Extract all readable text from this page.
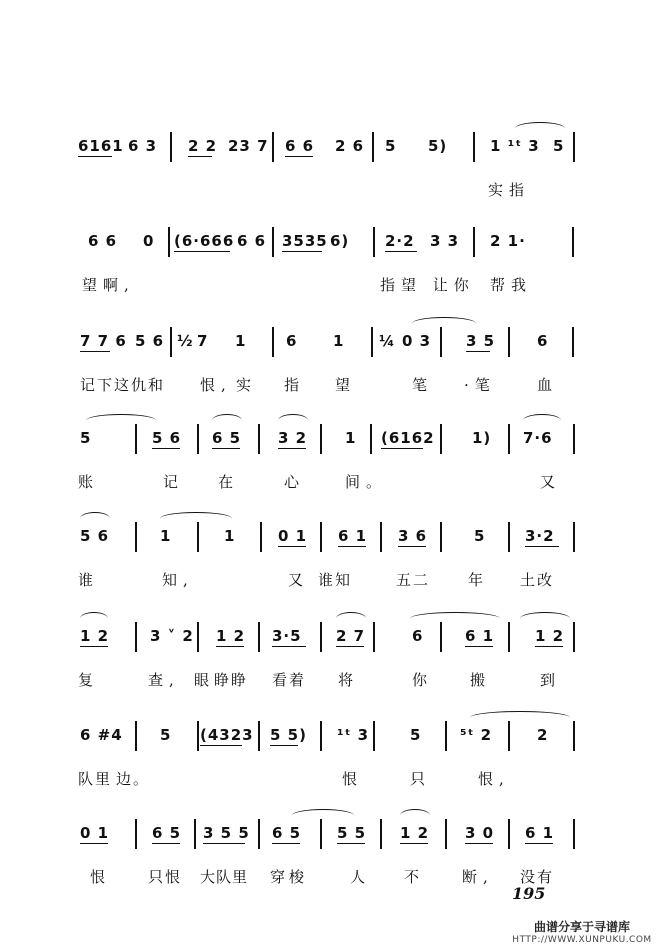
6161 6 3 2 2 23 7 6 6 2 6 5 5)	1 ¹ᵗ 3 5
实指
6 6 0 (6·666 6 6 3535 6) 2·2 3 3 2 1·
望啊,	指望 让你 帮我
7 7 6 5 6 ½ 7 1	6 1 ¼ 0 3 3 5	6
记下这仇和 恨, 实 指 望	笔 ·笔	血
5	5 6 6 5 3 2	1 (6162 1) 7·6
账	记 在	心	间。	又
5 6	1	1	0 1 6 1 3 6	5	3·2
谁	知,	又 谁知	五二	年 土改
1 2	3 ˅ 2 1 2 3·5 2 7	6	6 1	1 2
复	查, 眼
睁睁 看着 将	你 搬	到
6 #4 5 (4323 5 5) ¹ᵗ 3	5	⁵ᵗ 2	2
队里 边。	恨	只	恨,
0 1	6 5 3 5 5 6 5 5 5 1 2 3 0 6 1
恨 只恨 大队里 穿梭	人 不 断, 没有
195
曲谱分享于寻谱库
HTTP://WWW.XUNPUKU.COM
